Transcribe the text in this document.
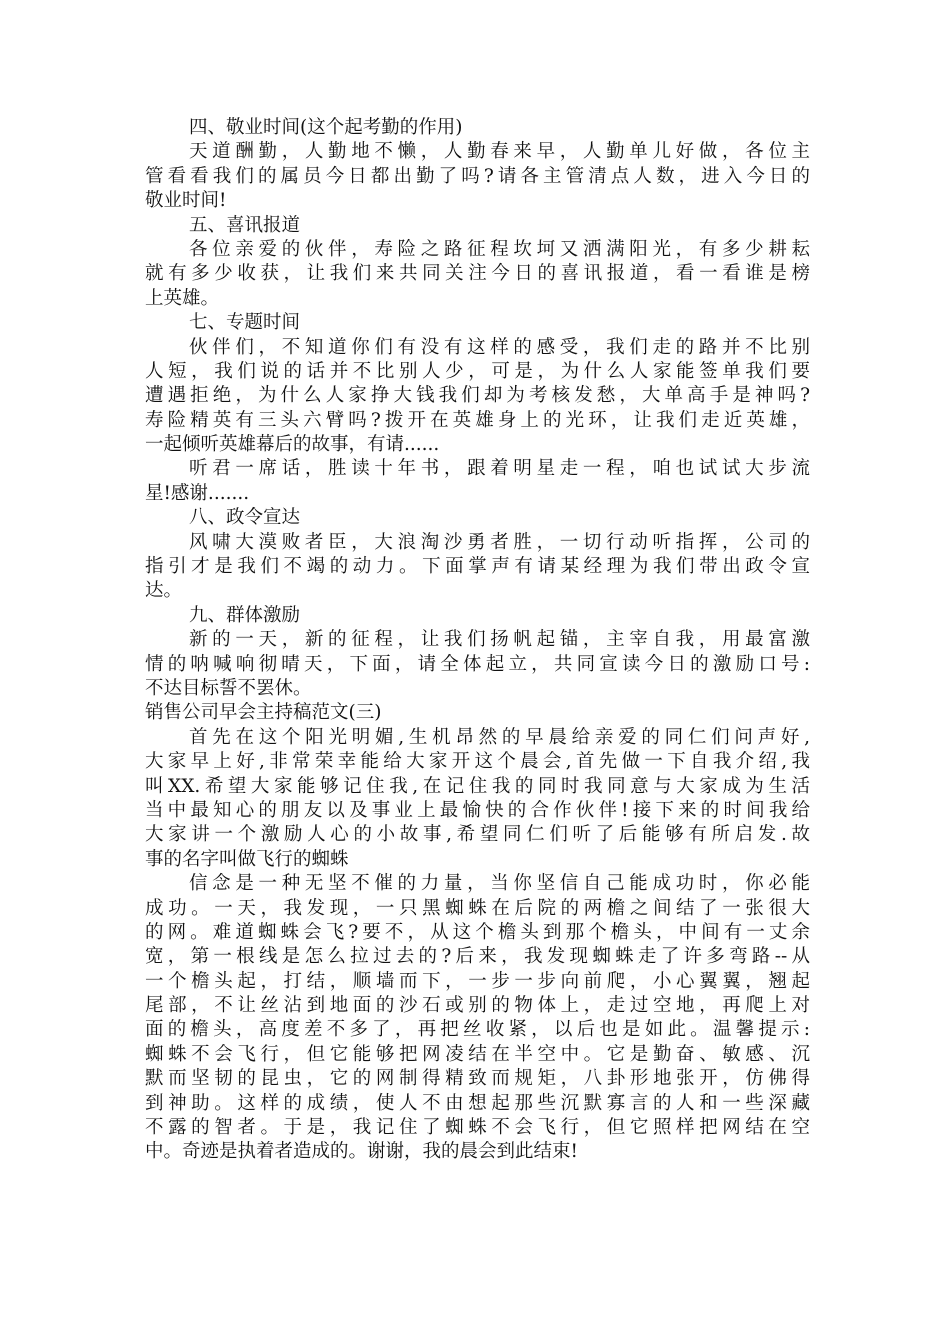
四、敬业时间(这个起考勤的作用)
天道酬勤，人勤地不懒，人勤春来早，人勤单儿好做，各位主
管看看我们的属员今日都出勤了吗?请各主管清点人数，进入今日的
敬业时间!
五、喜讯报道
各位亲爱的伙伴，寿险之路征程坎坷又洒满阳光，有多少耕耘
就有多少收获，让我们来共同关注今日的喜讯报道，看一看谁是榜
上英雄。
七、专题时间
伙伴们，不知道你们有没有这样的感受，我们走的路并不比别
人短，我们说的话并不比别人少，可是，为什么人家能签单我们要
遭遇拒绝，为什么人家挣大钱我们却为考核发愁，大单高手是神吗?
寿险精英有三头六臂吗?拨开在英雄身上的光环，让我们走近英雄，
一起倾听英雄幕后的故事，有请......
听君一席话，胜读十年书，跟着明星走一程，咱也试试大步流
星!感谢.......
八、政令宣达
风啸大漠败者臣，大浪淘沙勇者胜，一切行动听指挥，公司的
指引才是我们不竭的动力。下面掌声有请某经理为我们带出政令宣
达。
九、群体激励
新的一天，新的征程，让我们扬帆起锚，主宰自我，用最富激
情的呐喊响彻晴天，下面，请全体起立，共同宣读今日的激励口号:
不达目标誓不罢休。
销售公司早会主持稿范文(三)
首先在这个阳光明媚,生机昂然的早晨给亲爱的同仁们问声好,
大家早上好,非常荣幸能给大家开这个晨会,首先做一下自我介绍,我
叫XX.希望大家能够记住我,在记住我的同时我同意与大家成为生活
当中最知心的朋友以及事业上最愉快的合作伙伴!接下来的时间我给
大家讲一个激励人心的小故事,希望同仁们听了后能够有所启发.故
事的名字叫做飞行的蜘蛛
信念是一种无坚不催的力量，当你坚信自己能成功时，你必能
成功。一天，我发现，一只黑蜘蛛在后院的两檐之间结了一张很大
的网。难道蜘蛛会飞?要不，从这个檐头到那个檐头，中间有一丈余
宽，第一根线是怎么拉过去的?后来，我发现蜘蛛走了许多弯路--从
一个檐头起，打结，顺墙而下，一步一步向前爬，小心翼翼，翘起
尾部，不让丝沾到地面的沙石或别的物体上，走过空地，再爬上对
面的檐头，高度差不多了，再把丝收紧，以后也是如此。温馨提示:
蜘蛛不会飞行，但它能够把网凌结在半空中。它是勤奋、敏感、沉
默而坚韧的昆虫，它的网制得精致而规矩，八卦形地张开，仿佛得
到神助。这样的成绩，使人不由想起那些沉默寡言的人和一些深藏
不露的智者。于是，我记住了蜘蛛不会飞行，但它照样把网结在空
中。奇迹是执着者造成的。谢谢，我的晨会到此结束!
